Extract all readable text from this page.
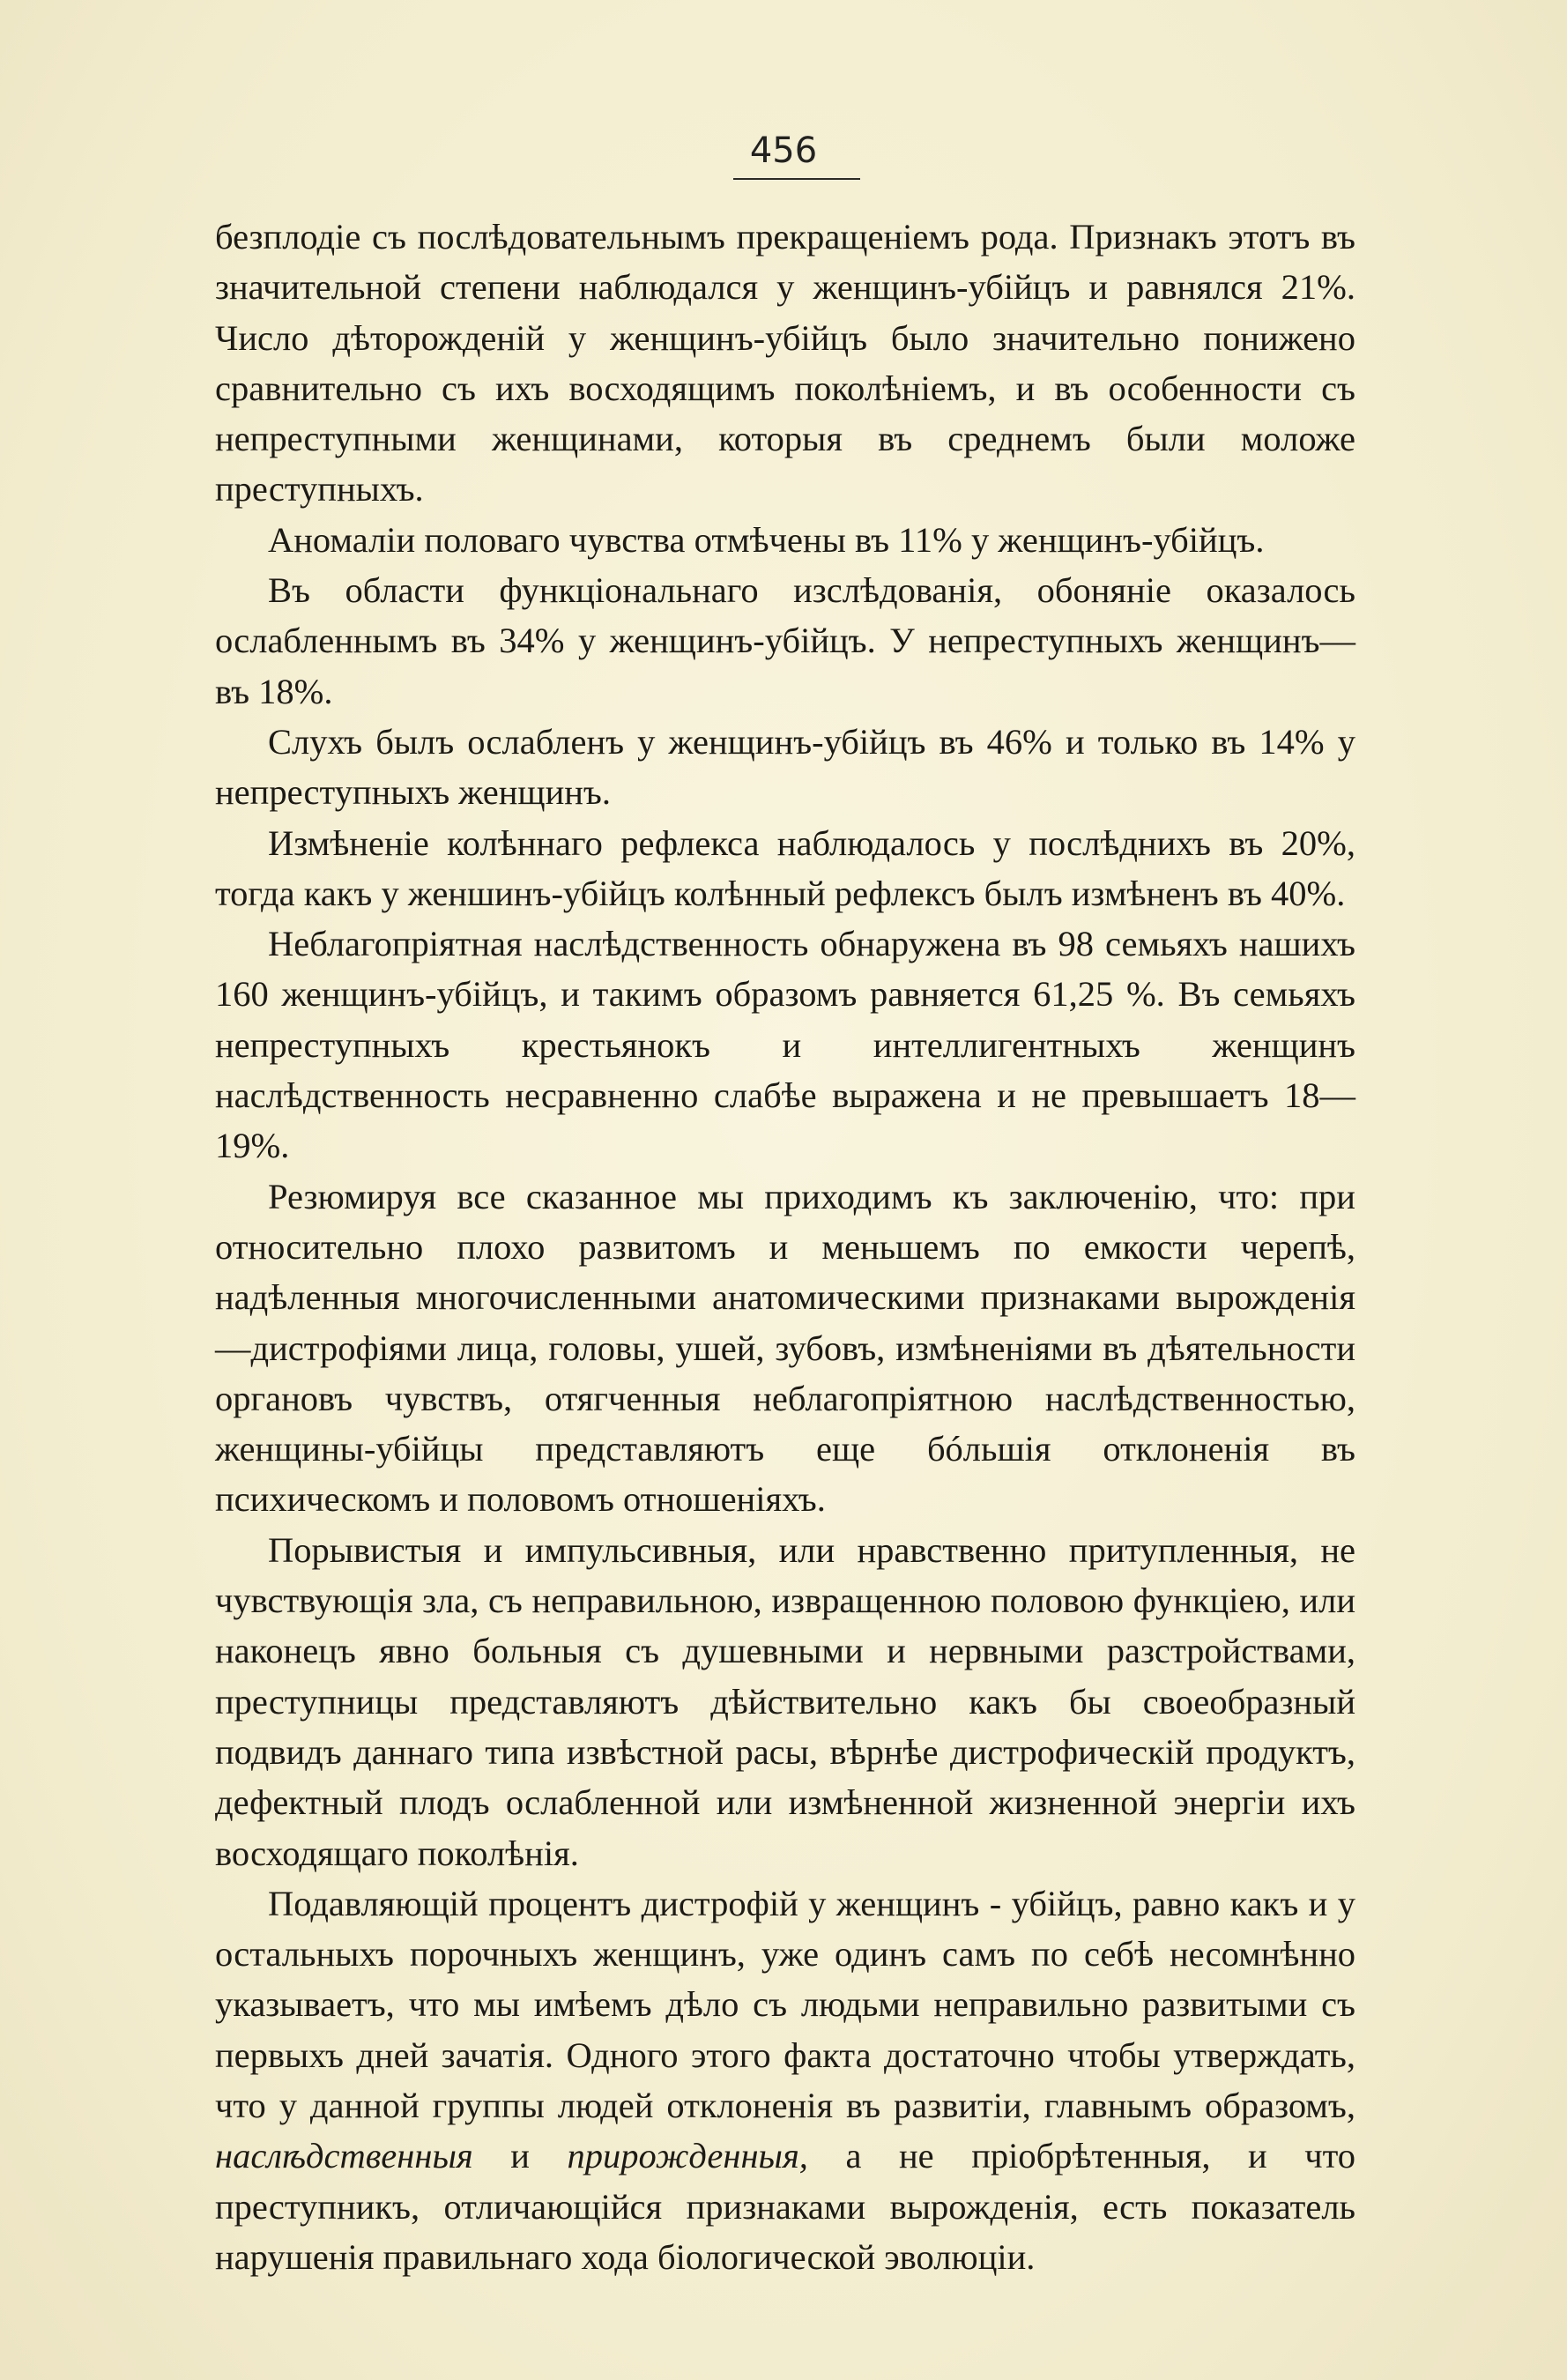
456

безплодіе съ послѣдовательнымъ прекращеніемъ рода. Признакъ этотъ въ значительной степени наблюдался у женщинъ-убійцъ и равнялся 21%. Число дѣторожденій у женщинъ-убійцъ было значительно понижено сравнительно съ ихъ восходящимъ поколѣніемъ, и въ особенности съ непреступными женщинами, которыя въ среднемъ были моложе преступныхъ.

Аномаліи половаго чувства отмѣчены въ 11% у женщинъ-убійцъ.

Въ области функціональнаго изслѣдованія, обоняніе оказалось ослабленнымъ въ 34% у женщинъ-убійцъ. У непреступныхъ женщинъ—въ 18%.

Слухъ былъ ослабленъ у женщинъ-убійцъ въ 46% и только въ 14% у непреступныхъ женщинъ.

Измѣненіе колѣннаго рефлекса наблюдалось у послѣднихъ въ 20%, тогда какъ у женшинъ-убійцъ колѣнный рефлексъ былъ измѣненъ въ 40%.

Неблагопріятная наслѣдственность обнаружена въ 98 семьяхъ нашихъ 160 женщинъ-убійцъ, и такимъ образомъ равняется 61,25 %. Въ семьяхъ непреступныхъ крестьянокъ и интеллигентныхъ женщинъ наслѣдственность несравненно слабѣе выражена и не превышаетъ 18—19%.

Резюмируя все сказанное мы приходимъ къ заключенію, что: при относительно плохо развитомъ и меньшемъ по емкости черепѣ, надѣленныя многочисленными анатомическими признаками вырожденія—дистрофіями лица, головы, ушей, зубовъ, измѣненіями въ дѣятельности органовъ чувствъ, отягченныя неблагопріятною наслѣдственностью, женщины-убійцы представляютъ еще бóльшія отклоненія въ психическомъ и половомъ отношеніяхъ.

Порывистыя и импульсивныя, или нравственно притупленныя, не чувствующія зла, съ неправильною, извращенною половою функціею, или наконецъ явно больныя съ душевными и нервными разстройствами, преступницы представляютъ дѣйствительно какъ бы своеобразный подвидъ даннаго типа извѣстной расы, вѣрнѣе дистрофическій продуктъ, дефектный плодъ ослабленной или измѣненной жизненной энергіи ихъ восходящаго поколѣнія.

Подавляющій процентъ дистрофій у женщинъ - убійцъ, равно какъ и у остальныхъ порочныхъ женщинъ, уже одинъ самъ по себѣ несомнѣнно указываетъ, что мы имѣемъ дѣло съ людьми неправильно развитыми съ первыхъ дней зачатія. Одного этого факта достаточно чтобы утверждать, что у данной группы людей отклоненія въ развитіи, главнымъ образомъ, наслѣдственныя и прирожденныя, а не пріобрѣтенныя, и что преступникъ, отличающійся признаками вырожденія, есть показатель нарушенія правильнаго хода біологической эволюціи.
